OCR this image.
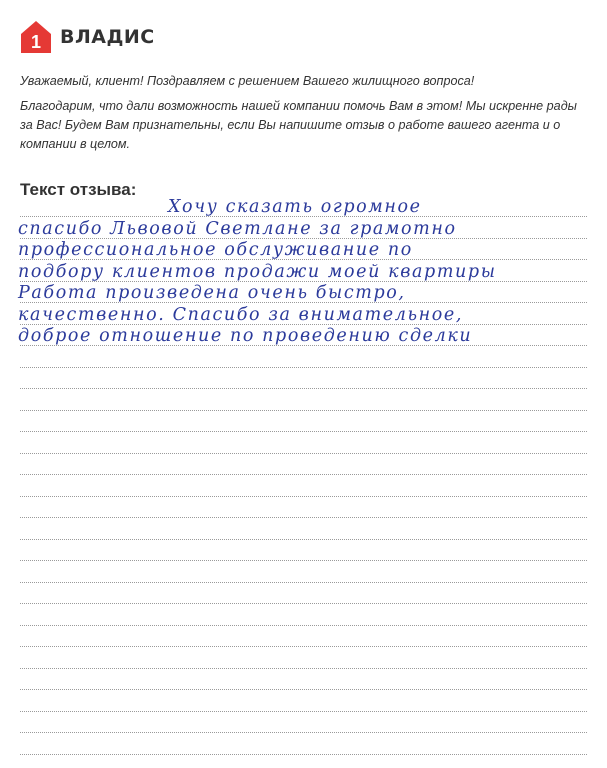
1 ВЛАДИС

Уважаемый, клиент! Поздравляем с решением Вашего жилищного вопроса!

Благодарим, что дали возможность нашей компании помочь Вам в этом! Мы искренне рады за Вас! Будем Вам признательны, если Вы напишите отзыв о работе вашего агента и о компании в целом.

Текст отзыва:
Хочу сказать огромное
спасибо Львовой Светлане за грамотно
профессиональное обслуживание по
подбору клиентов продажи моей квартиры
Работа произведена очень быстро,
качественно. Спасибо за внимательное,
доброе отношение по проведению сделки
